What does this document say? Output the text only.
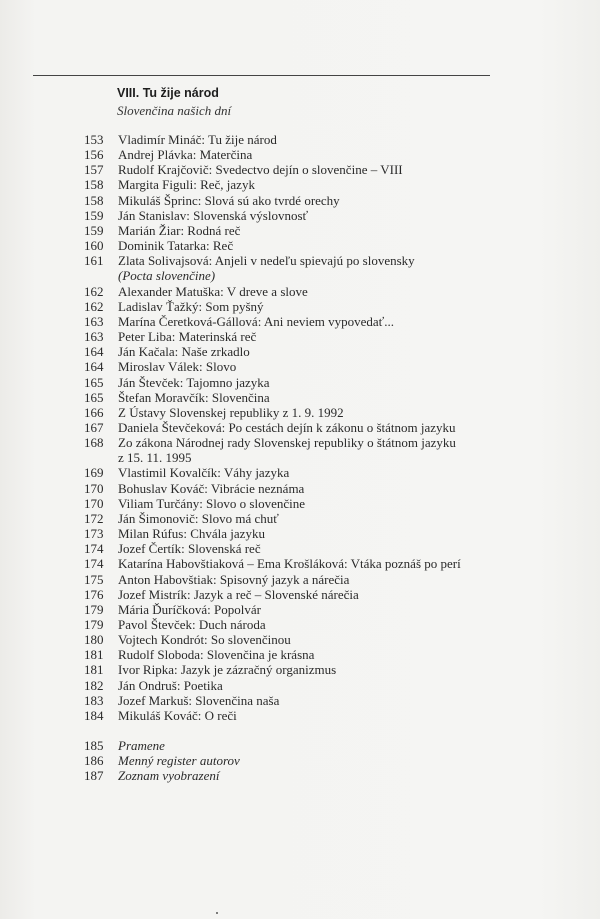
VIII. Tu žije národ
Slovenčina našich dní
153	Vladimír Mináč: Tu žije národ
156	Andrej Plávka: Materčina
157	Rudolf Krajčovič: Svedectvo dejín o slovenčine – VIII
158	Margita Figuli: Reč, jazyk
158	Mikuláš Šprinc: Slová sú ako tvrdé orechy
159	Ján Stanislav: Slovenská výslovnosť
159	Marián Žiar: Rodná reč
160	Dominik Tatarka: Reč
161	Zlata Solivajsová: Anjeli v nedeľu spievajú po slovensky
(Pocta slovenčine)
162	Alexander Matuška: V dreve a slove
162	Ladislav Ťažký: Som pyšný
163	Marína Čeretková-Gállová: Ani neviem vypovedať...
163	Peter Liba: Materinská reč
164	Ján Kačala: Naše zrkadlo
164	Miroslav Válek: Slovo
165	Ján Števček: Tajomno jazyka
165	Štefan Moravčík: Slovenčina
166	Z Ústavy Slovenskej republiky z 1. 9. 1992
167	Daniela Števčeková: Po cestách dejín k zákonu o štátnom jazyku
168	Zo zákona Národnej rady Slovenskej republiky o štátnom jazyku
z 15. 11. 1995
169	Vlastimil Kovalčík: Váhy jazyka
170	Bohuslav Kováč: Vibrácie neznáma
170	Viliam Turčány: Slovo o slovenčine
172	Ján Šimonovič: Slovo má chuť
173	Milan Rúfus: Chvála jazyku
174	Jozef Čertík: Slovenská reč
174	Katarína Habovštiaková – Ema Krošláková: Vtáka poznáš po perí
175	Anton Habovštiak: Spisovný jazyk a nárečia
176	Jozef Mistrík: Jazyk a reč – Slovenské nárečia
179	Mária Ďuríčková: Popolvár
179	Pavol Števček: Duch národa
180	Vojtech Kondrót: So slovenčinou
181	Rudolf Sloboda: Slovenčina je krásna
181	Ivor Ripka: Jazyk je zázračný organizmus
182	Ján Ondruš: Poetika
183	Jozef Markuš: Slovenčina naša
184	Mikuláš Kováč: O reči
185	Pramene
186	Menný register autorov
187	Zoznam vyobrazení
